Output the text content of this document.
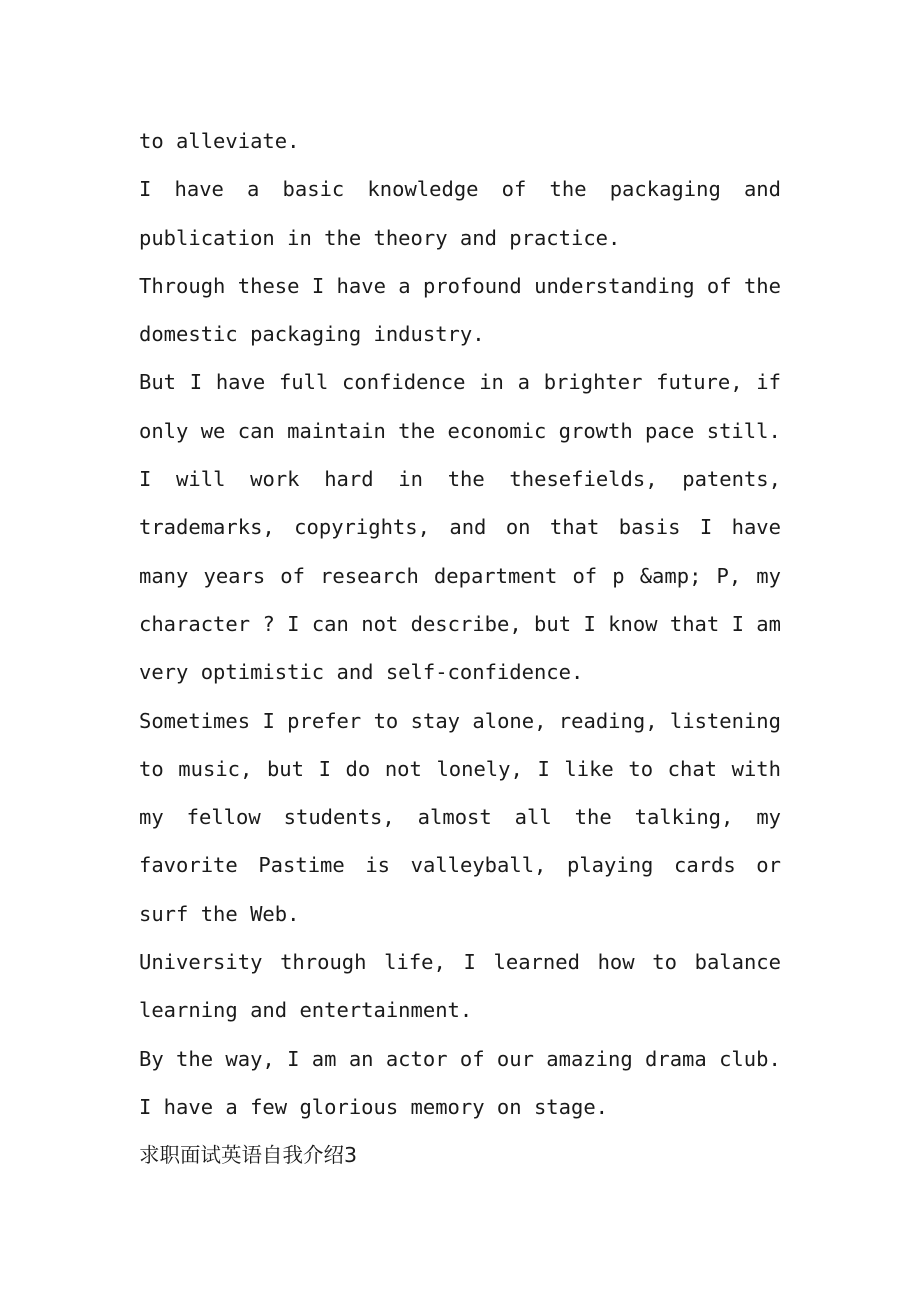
to alleviate.

I have a basic knowledge of the packaging and publication in the theory and practice.

Through these I have a profound understanding of the domestic packaging industry.

But I have full confidence in a brighter future, if only we can maintain the economic growth pace still.

I will work hard in the thesefields, patents, trademarks, copyrights, and on that basis I have many years of research department of p &amp; P, my character ? I can not describe, but I know that I am very optimistic and self-confidence.

Sometimes I prefer to stay alone, reading, listening to music, but I do not lonely, I like to chat with my fellow students, almost all the talking, my favorite Pastime is valleyball, playing cards or surf the Web.

University through life, I learned how to balance learning and entertainment.

By the way, I am an actor of our amazing drama club.

I have a few glorious memory on stage.

求职面试英语自我介绍3
